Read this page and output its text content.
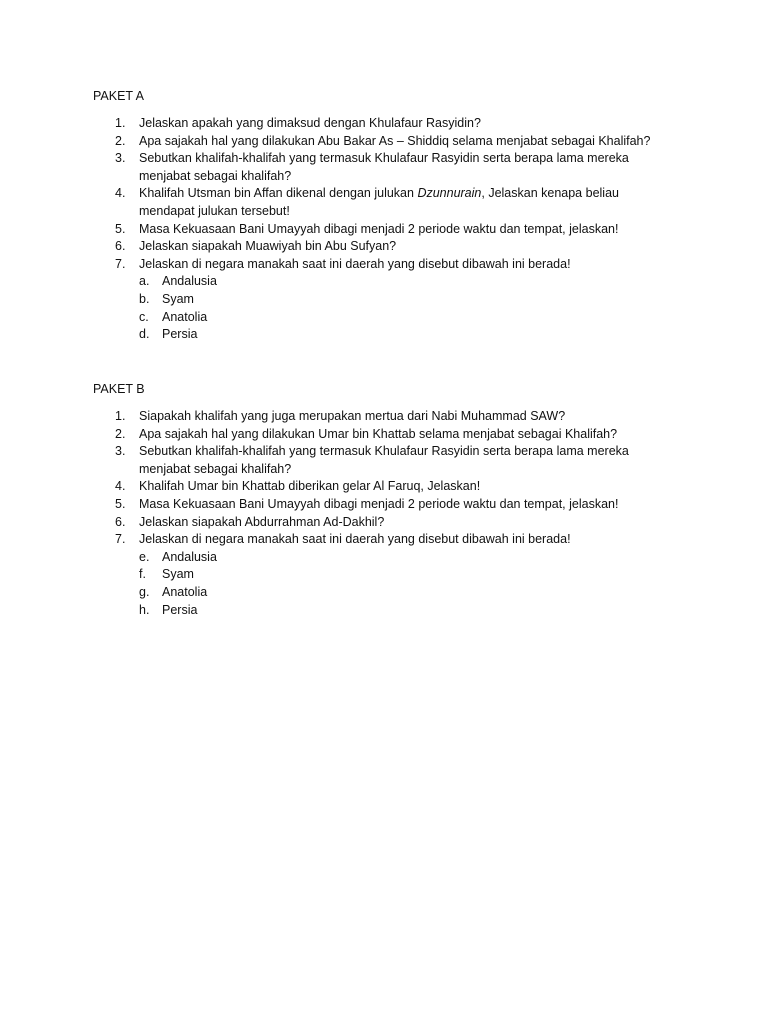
PAKET A
1. Jelaskan apakah yang dimaksud dengan Khulafaur Rasyidin?
2. Apa sajakah hal yang dilakukan Abu Bakar As – Shiddiq selama menjabat sebagai Khalifah?
3. Sebutkan khalifah-khalifah yang termasuk Khulafaur Rasyidin serta berapa lama mereka
menjabat sebagai khalifah?
4. Khalifah Utsman bin Affan dikenal dengan julukan Dzunnurain, Jelaskan kenapa beliau
mendapat julukan tersebut!
5. Masa Kekuasaan Bani Umayyah dibagi menjadi 2 periode waktu dan tempat, jelaskan!
6. Jelaskan siapakah Muawiyah bin Abu Sufyan?
7. Jelaskan di negara manakah saat ini daerah yang disebut dibawah ini berada!
a. Andalusia
b. Syam
c. Anatolia
d. Persia
PAKET B
1. Siapakah khalifah yang juga merupakan mertua dari Nabi Muhammad SAW?
2. Apa sajakah hal yang dilakukan Umar bin Khattab selama menjabat sebagai Khalifah?
3. Sebutkan khalifah-khalifah yang termasuk Khulafaur Rasyidin serta berapa lama mereka
menjabat sebagai khalifah?
4. Khalifah Umar bin Khattab diberikan gelar Al Faruq, Jelaskan!
5. Masa Kekuasaan Bani Umayyah dibagi menjadi 2 periode waktu dan tempat, jelaskan!
6. Jelaskan siapakah Abdurrahman Ad-Dakhil?
7. Jelaskan di negara manakah saat ini daerah yang disebut dibawah ini berada!
e. Andalusia
f. Syam
g. Anatolia
h. Persia
